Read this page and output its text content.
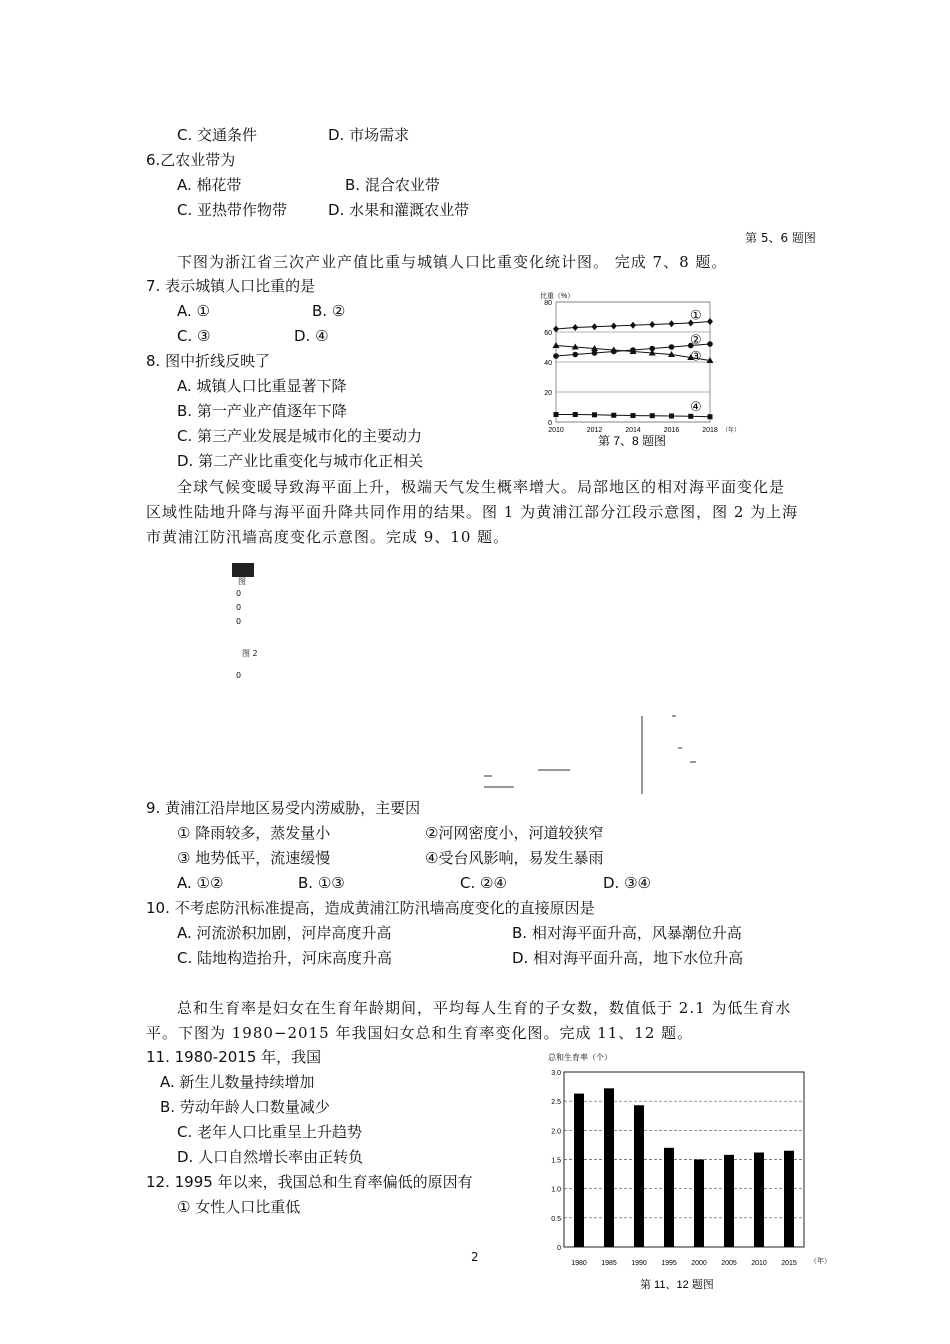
C. 交通条件	D. 市场需求
6.乙农业带为
A. 棉花带	B. 混合农业带
C. 亚热带作物带	D. 水果和灌溉农业带
第 5、6 题图
下图为浙江省三次产业产值比重与城镇人口比重变化统计图。 完成 7、8 题。
7. 表示城镇人口比重的是
A. ①	B. ②
C. ③	D. ④
8. 图中折线反映了
A. 城镇人口比重显著下降
B. 第一产业产值逐年下降
C. 第三产业发展是城市化的主要动力
D. 第二产业比重变化与城市化正相关
比重（%）
0
20
40
60
80
2010	2012	2014	2016	2018 （年）
①
②
③
④
第 7、8 题图
全球气候变暖导致海平面上升，极端天气发生概率增大。局部地区的相对海平面变化是
区域性陆地升降与海平面升降共同作用的结果。图 1 为黄浦江部分江段示意图，图 2 为上海
市黄浦江防汛墙高度变化示意图。完成 9、10 题。
图
0
0
0
图 2
0
9. 黄浦江沿岸地区易受内涝威胁，主要因
① 降雨较多，蒸发量小	②河网密度小，河道较狭窄
③ 地势低平，流速缓慢	④受台风影响，易发生暴雨
A. ①②	B. ①③	C. ②④	D. ③④
10. 不考虑防汛标准提高，造成黄浦江防汛墙高度变化的直接原因是
A. 河流淤积加剧，河岸高度升高	B. 相对海平面升高，风暴潮位升高
C. 陆地构造抬升，河床高度升高	D. 相对海平面升高，地下水位升高
总和生育率是妇女在生育年龄期间，平均每人生育的子女数，数值低于 2.1 为低生育水
平。下图为 1980−2015 年我国妇女总和生育率变化图。完成 11、12 题。
11. 1980-2015 年，我国
A. 新生儿数量持续增加
B. 劳动年龄人口数量减少
C. 老年人口比重呈上升趋势
D. 人口自然增长率由正转负
12. 1995 年以来，我国总和生育率偏低的原因有
① 女性人口比重低
总和生育率（个）
0
0.5
1.0
1.5
2.0
2.5
3.0
1980 1985 1990 1995 2000 2005 2010 2015 （年）
第 11、12 题图
2
